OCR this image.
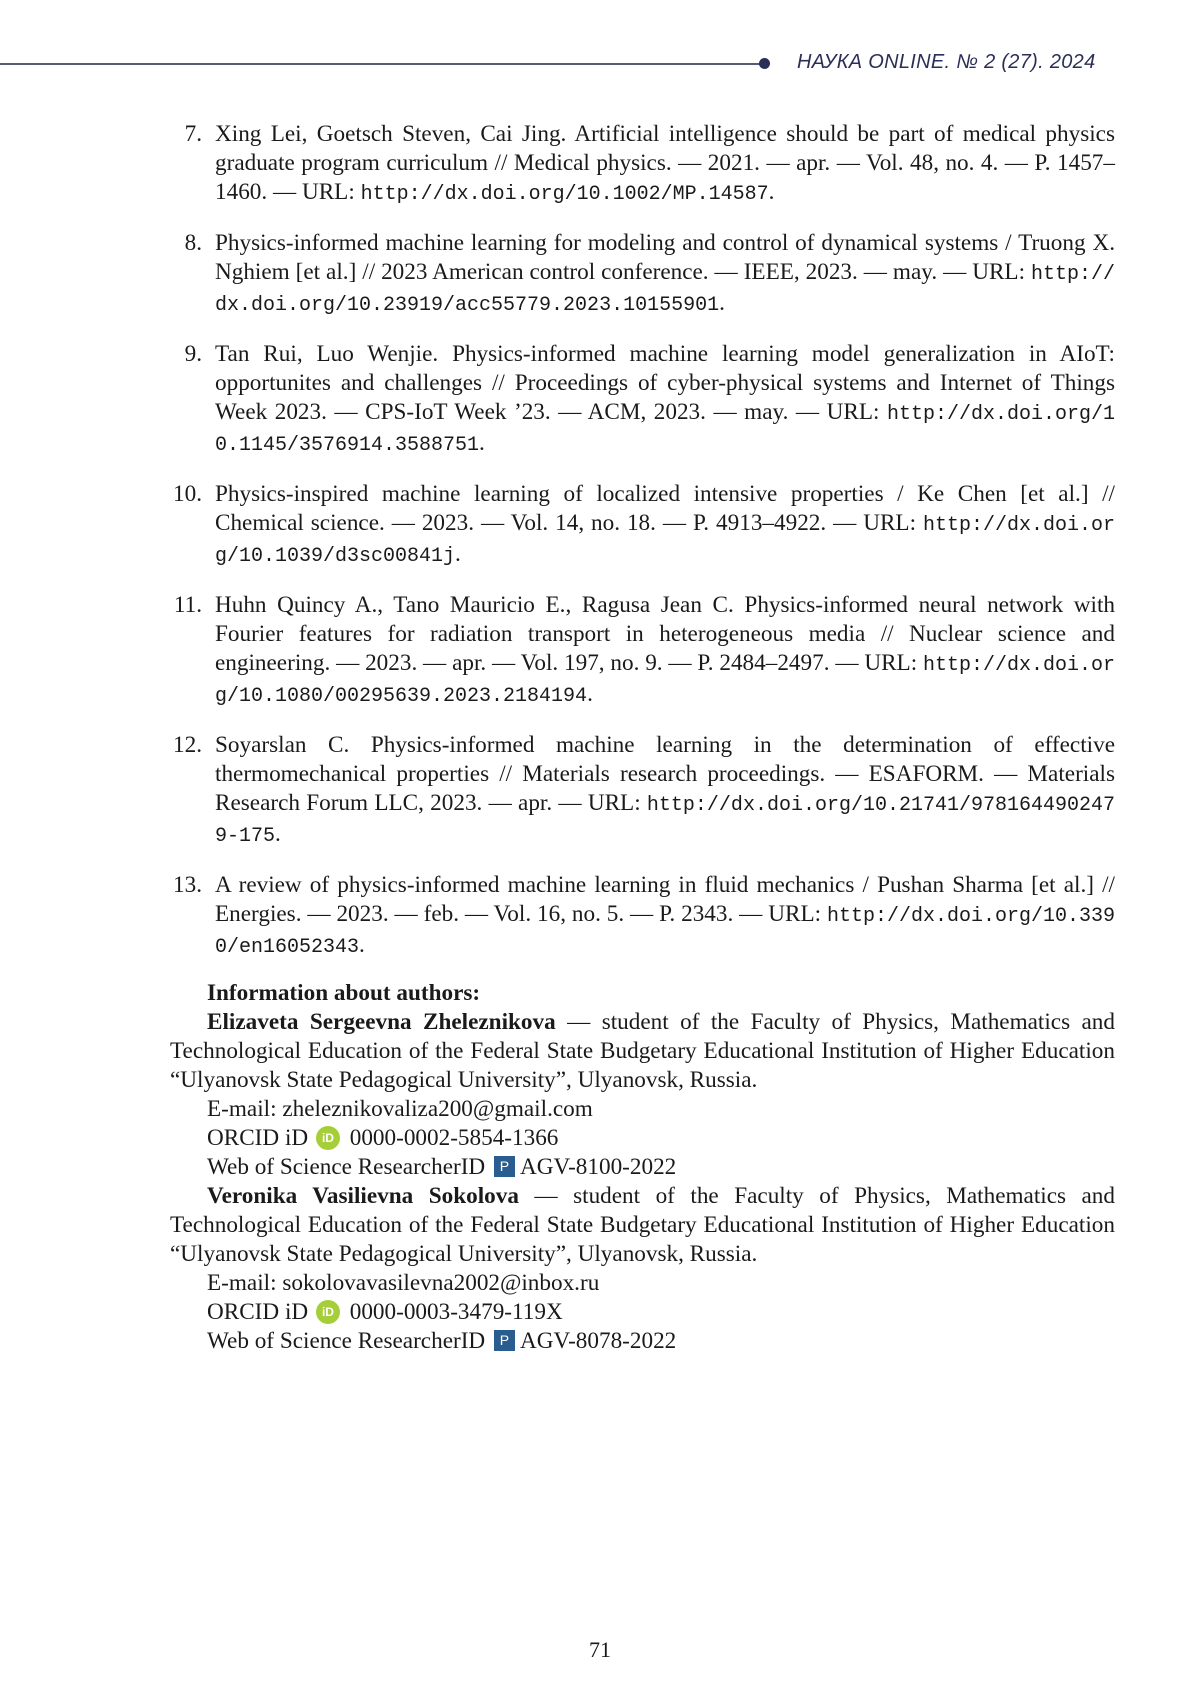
НАУКА ONLINE. № 2 (27). 2024
7. Xing Lei, Goetsch Steven, Cai Jing. Artificial intelligence should be part of medical physics graduate program curriculum // Medical physics. — 2021. — apr. — Vol. 48, no. 4. — P. 1457–1460. — URL: http://dx.doi.org/10.1002/MP.14587.
8. Physics-informed machine learning for modeling and control of dynamical systems / Truong X. Nghiem [et al.] // 2023 American control conference. — IEEE, 2023. — may. — URL: http://dx.doi.org/10.23919/acc55779.2023.10155901.
9. Tan Rui, Luo Wenjie. Physics-informed machine learning model generalization in AIoT: opportunites and challenges // Proceedings of cyber-physical systems and Internet of Things Week 2023. — CPS-IoT Week ’23. — ACM, 2023. — may. — URL: http://dx.doi.org/10.1145/3576914.3588751.
10. Physics-inspired machine learning of localized intensive properties / Ke Chen [et al.] // Chemical science. — 2023. — Vol. 14, no. 18. — P. 4913–4922. — URL: http://dx.doi.org/10.1039/d3sc00841j.
11. Huhn Quincy A., Tano Mauricio E., Ragusa Jean C. Physics-informed neural network with Fourier features for radiation transport in heterogeneous media // Nuclear science and engineering. — 2023. — apr. — Vol. 197, no. 9. — P. 2484–2497. — URL: http://dx.doi.org/10.1080/00295639.2023.2184194.
12. Soyarslan C. Physics-informed machine learning in the determination of effective thermomechanical properties // Materials research proceedings. — ESAFORM. — Materials Research Forum LLC, 2023. — apr. — URL: http://dx.doi.org/10.21741/9781644902479-175.
13. A review of physics-informed machine learning in fluid mechanics / Pushan Sharma [et al.] // Energies. — 2023. — feb. — Vol. 16, no. 5. — P. 2343. — URL: http://dx.doi.org/10.3390/en16052343.

Information about authors:

Elizaveta Sergeevna Zheleznikova — student of the Faculty of Physics, Mathematics and Technological Education of the Federal State Budgetary Educational Institution of Higher Education “Ulyanovsk State Pedagogical University”, Ulyanovsk, Russia.

E-mail: zheleznikovaliza200@gmail.com

ORCID iD iD 0000-0002-5854-1366

Web of Science ResearcherID P AGV-8100-2022

Veronika Vasilievna Sokolova — student of the Faculty of Physics, Mathematics and Technological Education of the Federal State Budgetary Educational Institution of Higher Education “Ulyanovsk State Pedagogical University”, Ulyanovsk, Russia.

E-mail: sokolovavasilevna2002@inbox.ru

ORCID iD iD 0000-0003-3479-119X

Web of Science ResearcherID P AGV-8078-2022

71
